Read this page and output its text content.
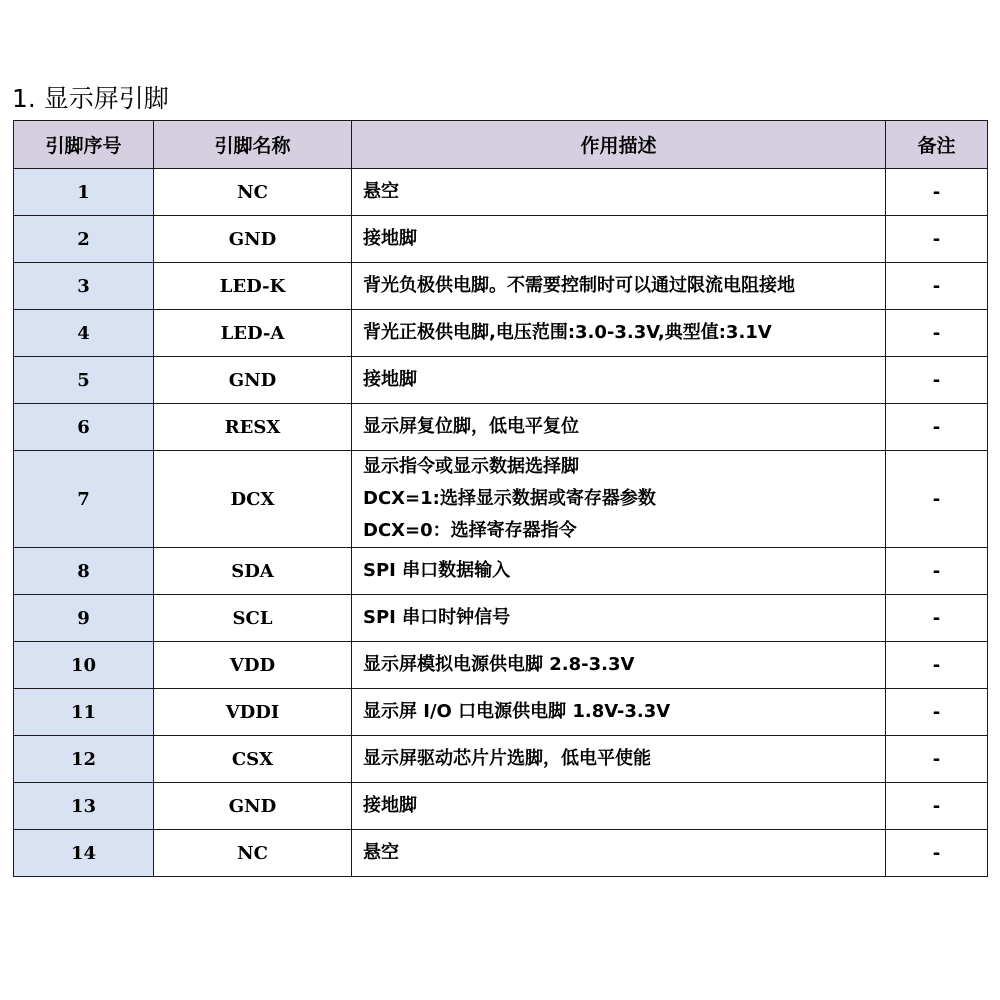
1. 显示屏引脚
引脚序号	引脚名称	作用描述	备注
1	NC	悬空	-
2	GND	接地脚	-
3	LED-K	背光负极供电脚。不需要控制时可以通过限流电阻接地	-
4	LED-A	背光正极供电脚,电压范围:3.0-3.3V,典型值:3.1V	-
5	GND	接地脚	-
6	RESX	显示屏复位脚，低电平复位	-
7	DCX	显示指令或显示数据选择脚
DCX=1:选择显示数据或寄存器参数
DCX=0：选择寄存器指令	-
8	SDA	SPI 串口数据输入	-
9	SCL	SPI 串口时钟信号	-
10	VDD	显示屏模拟电源供电脚 2.8-3.3V	-
11	VDDI	显示屏 I/O 口电源供电脚 1.8V-3.3V	-
12	CSX	显示屏驱动芯片片选脚，低电平使能	-
13	GND	接地脚	-
14	NC	悬空	-
